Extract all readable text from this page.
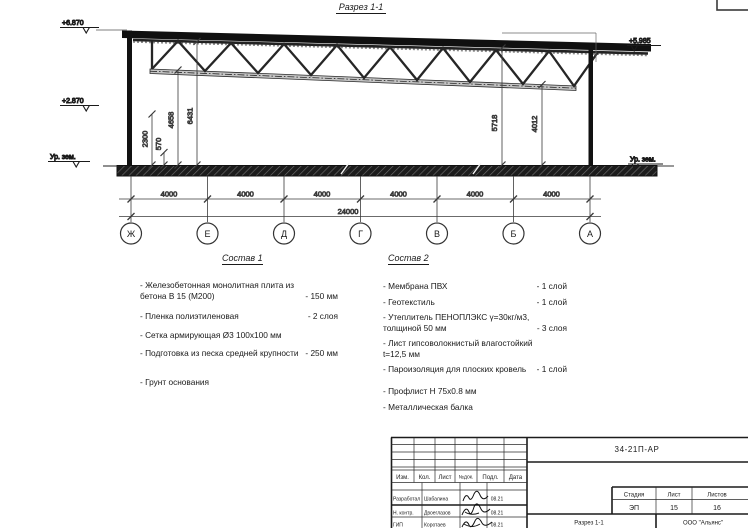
Разрез 1-1
+6.870
+2.870
Ур. зем.
+5.985
Ур. зем.
2300 570
4658 6431	5718	4012
4000	4000	4000	4000	4000	4000
24000
Ж	Е	Д	Г	В	Б	А
34-21П-АР
Изм. Кол. Лист №док. Подл. Дата
Разработал Шабалина	08.21
Н. контр. Двоеглазов	08.21
ГИП	Коротаев	08.21
Стадия	Лист	Листов
ЭП	15	16
Разрез 1-1	ООО "Альянс"
Состав 1
- Железобетонная монолитная плита из бетона В 15 (М200)	- 150 мм
- Пленка полиэтиленовая	- 2 слоя
- Сетка армирующая Ø3 100х100 мм
- Подготовка из песка средней крупности - 250 мм
- Грунт основания
Состав 2
- Мембрана ПВХ	- 1 слой
- Геотекстиль	- 1 слой
- Утеплитель ПЕНОПЛЭКС γ=30кг/м3, толщиной 50 мм	- 3 слоя
- Лист гипсоволокнистый влагостойкий t=12,5 мм
- Пароизоляция для плоских кровель	- 1 слой
- Профлист Н 75х0.8 мм
- Металлическая балка
